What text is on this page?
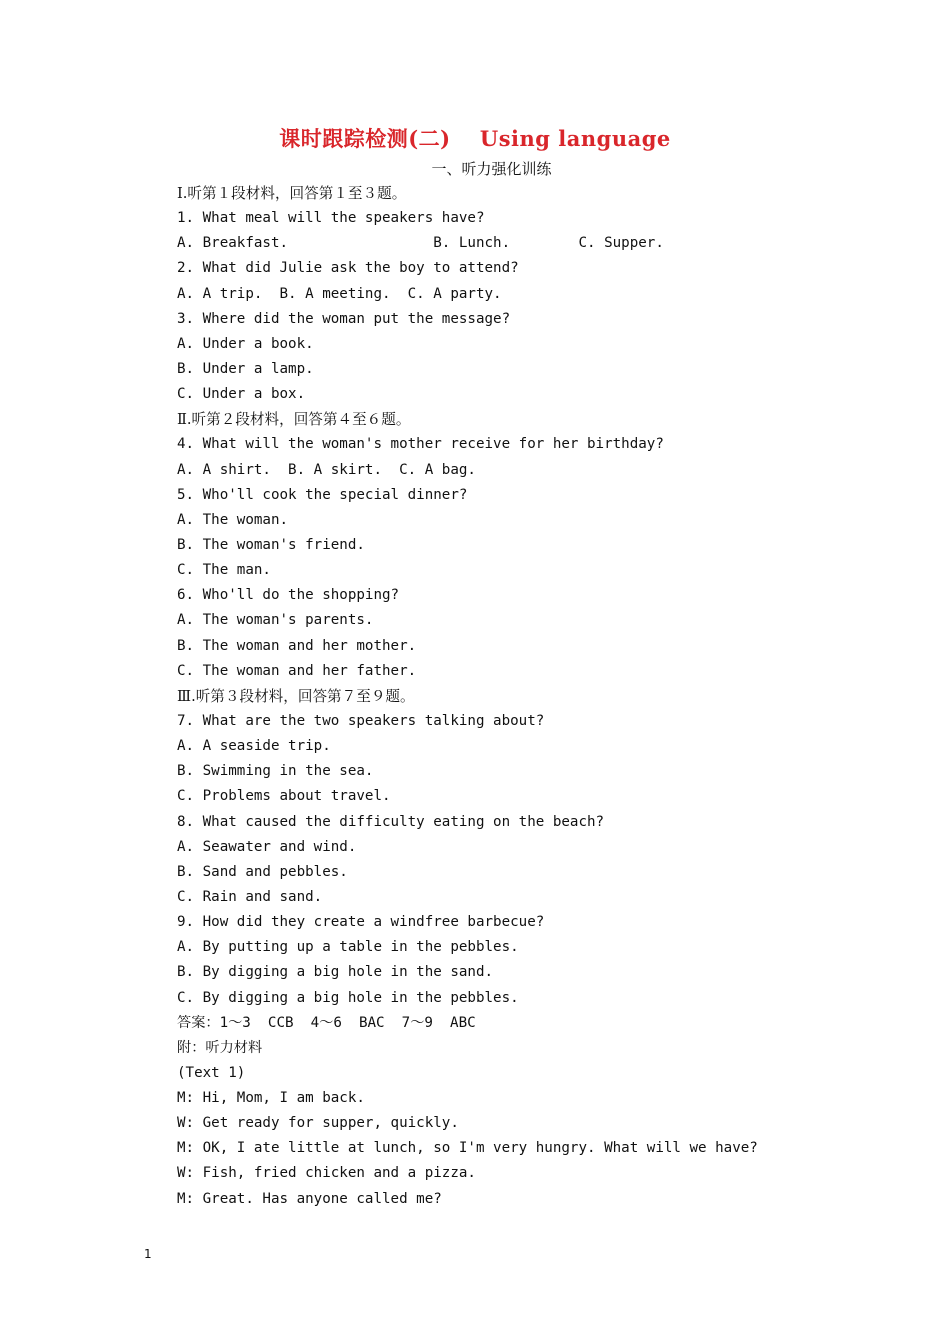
课时跟踪检测(二)　 Using language
一、听力强化训练
Ⅰ.听第１段材料，回答第１至３题。
1. What meal will the speakers have?
A. Breakfast.                 B. Lunch.        C. Supper.
2. What did Julie ask the boy to attend?
A. A trip.  B. A meeting.  C. A party.
3. Where did the woman put the message?
A. Under a book.
B. Under a lamp.
C. Under a box.
Ⅱ.听第２段材料，回答第４至６题。
4. What will the woman's mother receive for her birthday?
A. A shirt.  B. A skirt.  C. A bag.
5. Who'll cook the special dinner?
A. The woman.
B. The woman's friend.
C. The man.
6. Who'll do the shopping?
A. The woman's parents.
B. The woman and her mother.
C. The woman and her father.
Ⅲ.听第３段材料，回答第７至９题。
7. What are the two speakers talking about?
A. A seaside trip.
B. Swimming in the sea.
C. Problems about travel.
8. What caused the difficulty eating on the beach?
A. Seawater and wind.
B. Sand and pebbles.
C. Rain and sand.
9. How did they create a windfree barbecue?
A. By putting up a table in the pebbles.
B. By digging a big hole in the sand.
C. By digging a big hole in the pebbles.
答案：1～3  CCB  4～6  BAC  7～9  ABC
附：听力材料
(Text 1)
M: Hi, Mom, I am back.
W: Get ready for supper, quickly.
M: OK, I ate little at lunch, so I'm very hungry. What will we have?
W: Fish, fried chicken and a pizza.
M: Great. Has anyone called me?
1
